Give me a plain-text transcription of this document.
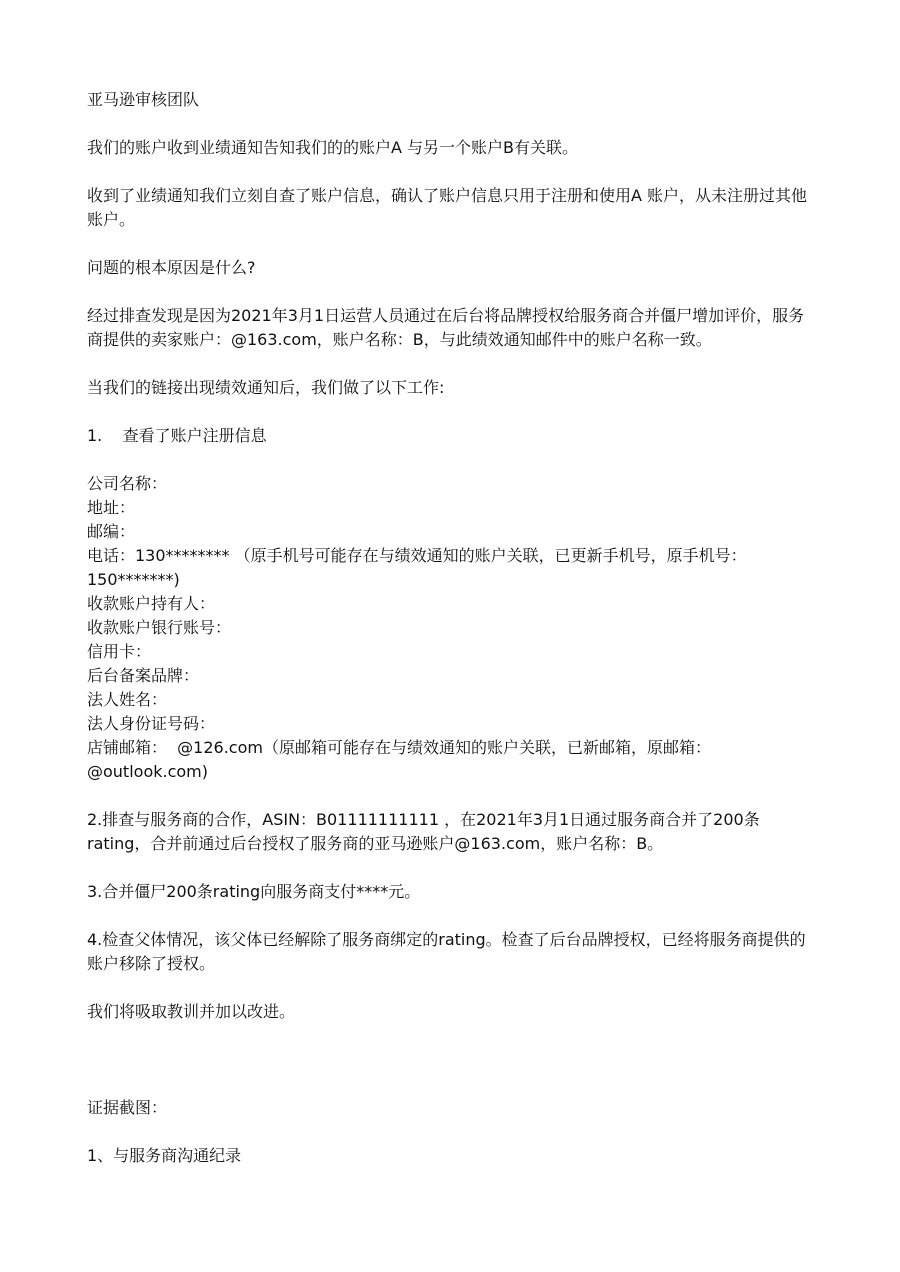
亚马逊审核团队

我们的账户收到业绩通知告知我们的的账户A 与另一个账户B有关联。

收到了业绩通知我们立刻自查了账户信息，确认了账户信息只用于注册和使用A 账户，从未注册过其他账户。

问题的根本原因是什么?

经过排查发现是因为2021年3月1日运营人员通过在后台将品牌授权给服务商合并僵尸增加评价，服务商提供的卖家账户：@163.com，账户名称：B，与此绩效通知邮件中的账户名称一致。

当我们的链接出现绩效通知后，我们做了以下工作:

1.    查看了账户注册信息

公司名称：

地址：

邮编：

电话：130******** （原手机号可能存在与绩效通知的账户关联，已更新手机号，原手机号：150*******)

收款账户持有人：

收款账户银行账号：

信用卡：

后台备案品牌：

法人姓名：

法人身份证号码：

店铺邮箱：  @126.com（原邮箱可能存在与绩效通知的账户关联，已新邮箱，原邮箱：@outlook.com)

2.排查与服务商的合作，ASIN：B01111111111 ，在2021年3月1日通过服务商合并了200条rating，合并前通过后台授权了服务商的亚马逊账户@163.com，账户名称：B。

3.合并僵尸200条rating向服务商支付****元。

4.检查父体情况，该父体已经解除了服务商绑定的rating。检查了后台品牌授权，已经将服务商提供的账户移除了授权。

我们将吸取教训并加以改进。

证据截图：

1、与服务商沟通纪录
